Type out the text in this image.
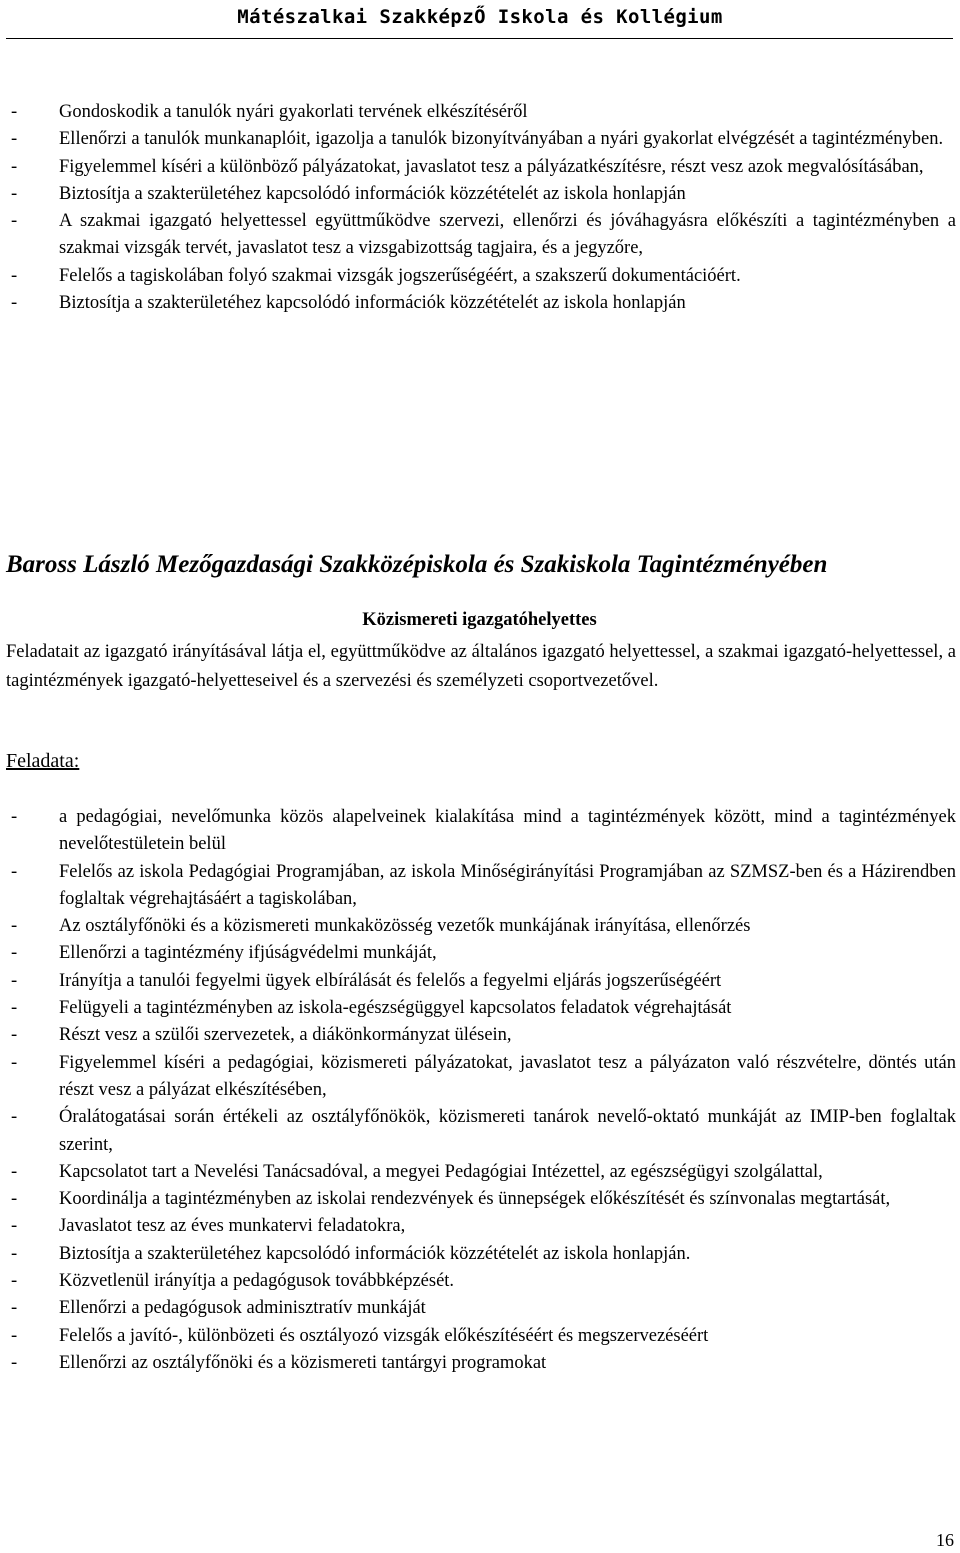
Mátészalkai SzakképzŐ Iskola és Kollégium
- Gondoskodik a tanulók nyári gyakorlati tervének elkészítéséről
- Ellenőrzi a tanulók munkanaplóit, igazolja a tanulók bizonyítványában a nyári gyakorlat elvégzését a tagintézményben.
- Figyelemmel kíséri a különböző pályázatokat, javaslatot tesz a pályázatkészítésre, részt vesz azok megvalósításában,
- Biztosítja a szakterületéhez kapcsolódó információk közzétételét az iskola honlapján
- A szakmai igazgató helyettessel együttműködve szervezi, ellenőrzi és jóváhagyásra előkészíti a tagintézményben a szakmai vizsgák tervét, javaslatot tesz a vizsgabizottság tagjaira, és a jegyzőre,
- Felelős a tagiskolában folyó szakmai vizsgák jogszerűségéért, a szakszerű dokumentációért.
- Biztosítja a szakterületéhez kapcsolódó információk közzétételét az iskola honlapján
Baross László Mezőgazdasági Szakközépiskola és Szakiskola Tagintézményében
Közismereti igazgatóhelyettes

Feladatait az igazgató irányításával látja el, együttműködve az általános igazgató helyettessel, a szakmai igazgató-helyettessel, a tagintézmények igazgató-helyetteseivel és a szervezési és személyzeti csoportvezetővel.

Feladata:
- a pedagógiai, nevelőmunka közös alapelveinek kialakítása mind a tagintézmények között, mind a tagintézmények nevelőtestületein belül
- Felelős az iskola Pedagógiai Programjában, az iskola Minőségirányítási Programjában az SZMSZ-ben és a Házirendben foglaltak végrehajtásáért a tagiskolában,
- Az osztályfőnöki és a közismereti munkaközösség vezetők munkájának irányítása, ellenőrzés
- Ellenőrzi a tagintézmény ifjúságvédelmi munkáját,
- Irányítja a tanulói fegyelmi ügyek elbírálását és felelős a fegyelmi eljárás jogszerűségéért
- Felügyeli a tagintézményben az iskola-egészségüggyel kapcsolatos feladatok végrehajtását
- Részt vesz a szülői szervezetek, a diákönkormányzat ülésein,
- Figyelemmel kíséri a pedagógiai, közismereti pályázatokat, javaslatot tesz a pályázaton való részvételre, döntés után részt vesz a pályázat elkészítésében,
- Óralátogatásai során értékeli az osztályfőnökök, közismereti tanárok nevelő-oktató munkáját az IMIP-ben foglaltak szerint,
- Kapcsolatot tart a Nevelési Tanácsadóval, a megyei Pedagógiai Intézettel, az egészségügyi szolgálattal,
- Koordinálja a tagintézményben az iskolai rendezvények és ünnepségek előkészítését és színvonalas megtartását,
- Javaslatot tesz az éves munkatervi feladatokra,
- Biztosítja a szakterületéhez kapcsolódó információk közzétételét az iskola honlapján.
- Közvetlenül irányítja a pedagógusok továbbképzését.
- Ellenőrzi a pedagógusok adminisztratív munkáját
- Felelős a javító-, különbözeti és osztályozó vizsgák előkészítéséért és megszervezéséért
- Ellenőrzi az osztályfőnöki és a közismereti tantárgyi programokat
16
